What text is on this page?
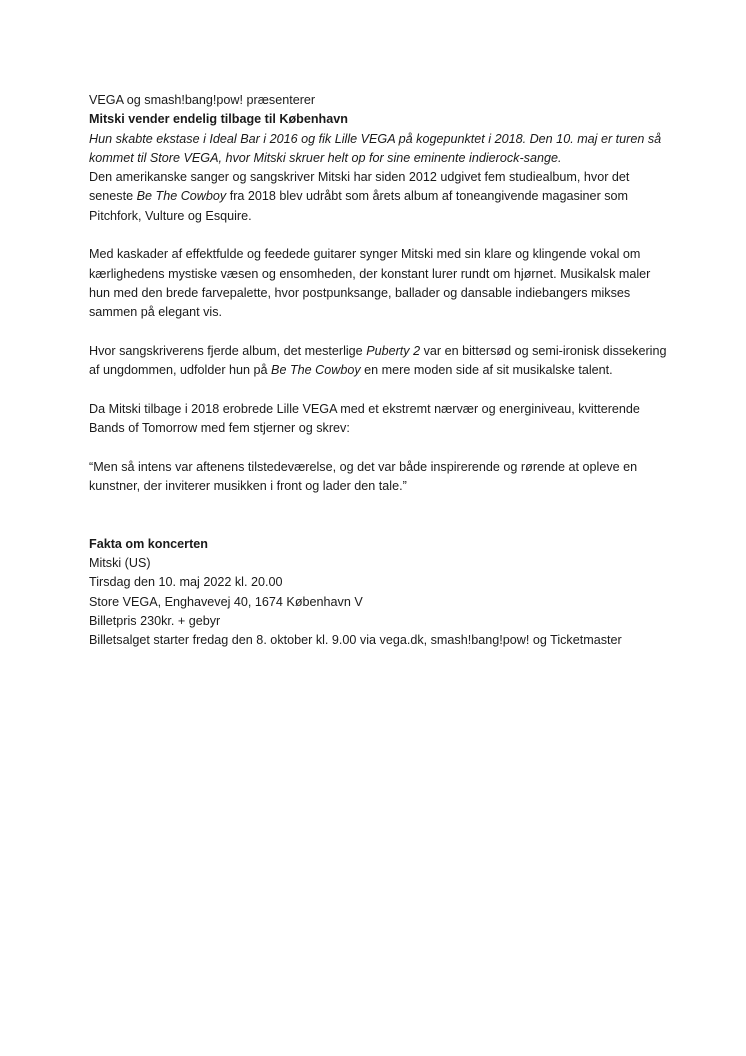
VEGA og smash!bang!pow! præsenterer

Mitski vender endelig tilbage til København

Hun skabte ekstase i Ideal Bar i 2016 og fik Lille VEGA på kogepunktet i 2018. Den 10. maj er turen så kommet til Store VEGA, hvor Mitski skruer helt op for sine eminente indierock-sange.

Den amerikanske sanger og sangskriver Mitski har siden 2012 udgivet fem studiealbum, hvor det seneste Be The Cowboy fra 2018 blev udråbt som årets album af toneangivende magasiner som Pitchfork, Vulture og Esquire.

Med kaskader af effektfulde og feedede guitarer synger Mitski med sin klare og klingende vokal om kærlighedens mystiske væsen og ensomheden, der konstant lurer rundt om hjørnet. Musikalsk maler hun med den brede farvepalette, hvor postpunksange, ballader og dansable indiebangers mikses sammen på elegant vis.

Hvor sangskriverens fjerde album, det mesterlige Puberty 2 var en bittersød og semi-ironisk dissekering af ungdommen, udfolder hun på Be The Cowboy en mere moden side af sit musikalske talent.

Da Mitski tilbage i 2018 erobrede Lille VEGA med et ekstremt nærvær og energiniveau, kvitterende Bands of Tomorrow med fem stjerner og skrev:

“Men så intens var aftenens tilstedeværelse, og det var både inspirerende og rørende at opleve en kunstner, der inviterer musikken i front og lader den tale.”

Fakta om koncerten

Mitski (US)

Tirsdag den 10. maj 2022 kl. 20.00

Store VEGA, Enghavevej 40, 1674 København V

Billetpris 230kr. + gebyr

Billetsalget starter fredag den 8. oktober kl. 9.00 via vega.dk, smash!bang!pow! og Ticketmaster
